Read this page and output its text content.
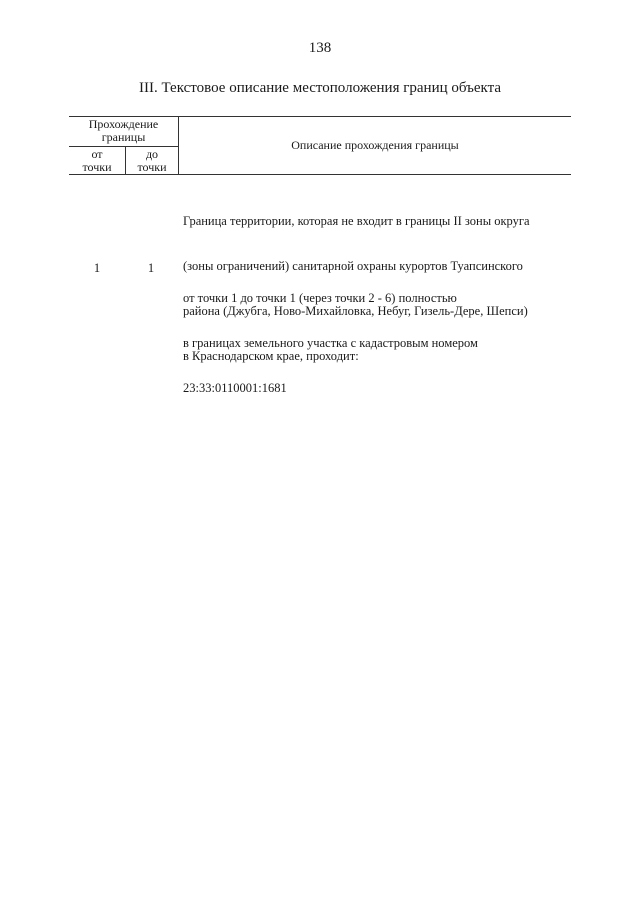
138
III. Текстовое описание местоположения границ объекта
Прохождение границы
от точки
до точки
Описание прохождения границы

Граница территории, которая не входит в границы II зоны округа

(зоны ограничений) санитарной охраны курортов Туапсинского

района (Джубга, Ново-Михайловка, Небуг, Гизель-Дере, Шепси)

в Краснодарском крае, проходит:

1	1

от точки 1 до точки 1 (через точки 2 - 6) полностью

в границах земельного участка с кадастровым номером

23:33:0110001:1681
